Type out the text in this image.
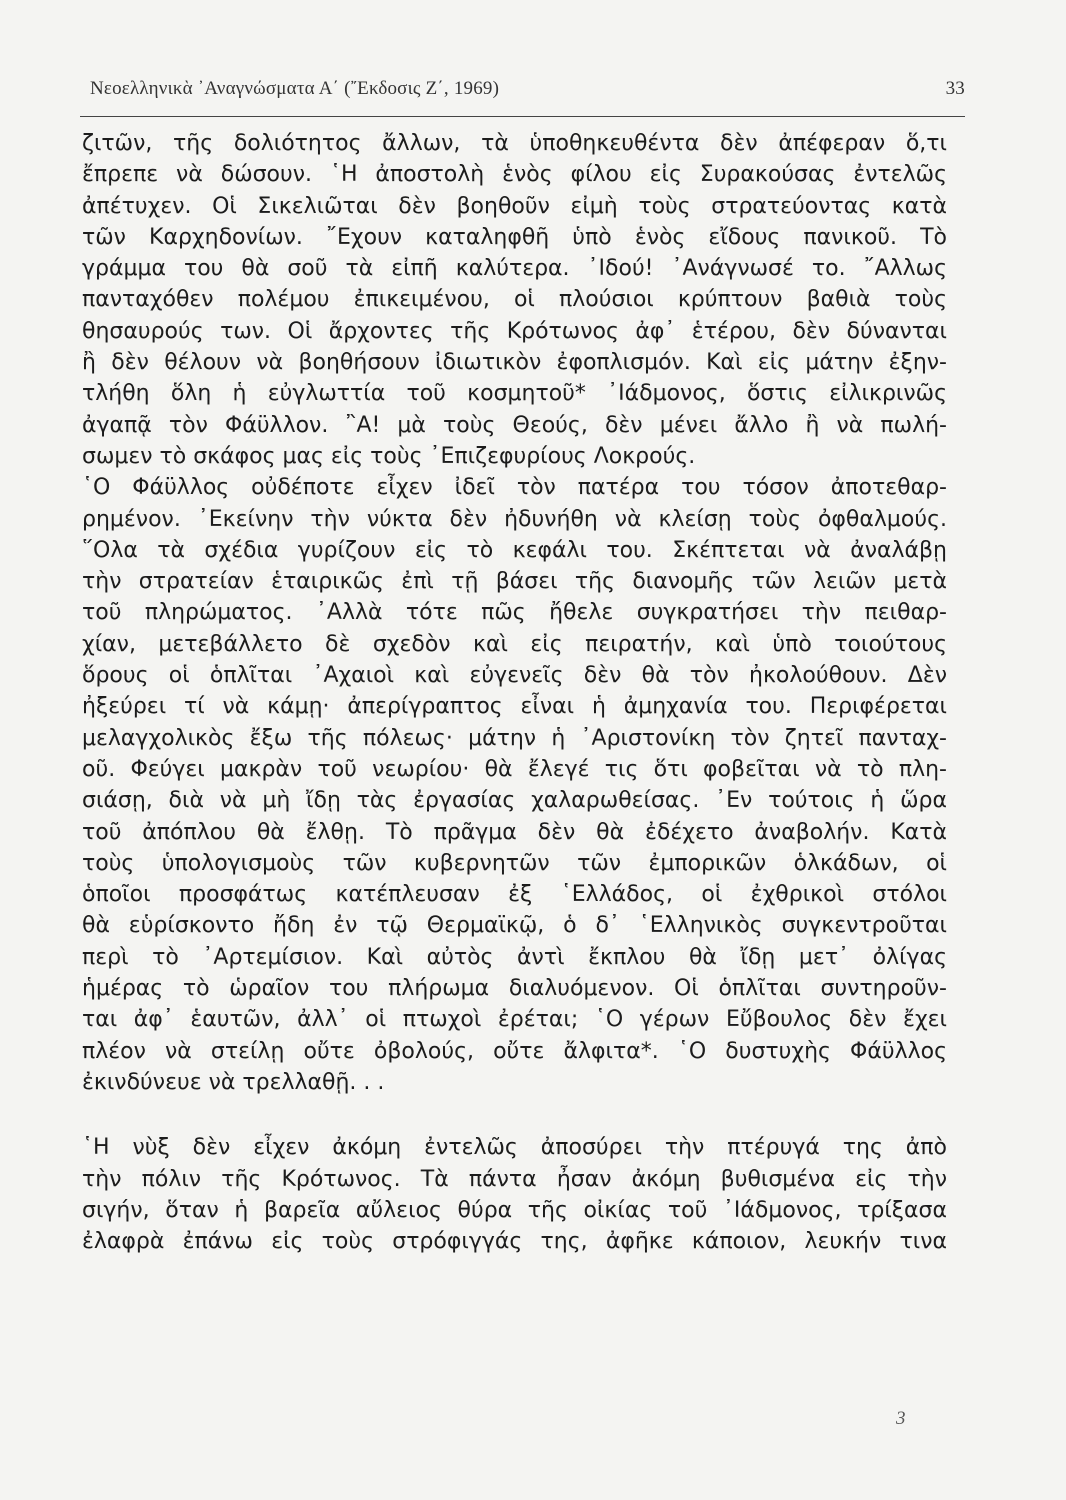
Νεοελληνικὰ ᾿Αναγνώσματα Α΄ (῎Εκδοσις Ζ΄, 1969)	33
ζιτῶν, τῆς δολιότητος ἄλλων, τὰ ὑποθηκευθέντα δὲν ἀπέφεραν ὅ,τι
ἔπρεπε νὰ δώσουν. ῾Η ἀποστολὴ ἑνὸς φίλου εἰς Συρακούσας ἐντελῶς
ἀπέτυχεν. Οἱ Σικελιῶται δὲν βοηθοῦν εἰμὴ τοὺς στρατεύοντας κατὰ
τῶν Καρχηδονίων. ῎Εχουν καταληφθῆ ὑπὸ ἑνὸς εἴδους πανικοῦ. Τὸ
γράμμα του θὰ σοῦ τὰ εἰπῆ καλύτερα. ᾿Ιδού! ᾿Ανάγνωσέ το. ῎Αλλως
πανταχόθεν πολέμου ἐπικειμένου, οἱ πλούσιοι κρύπτουν βαθιὰ τοὺς
θησαυρούς των. Οἱ ἄρχοντες τῆς Κρότωνος ἀφ᾿ ἑτέρου, δὲν δύνανται
ἢ δὲν θέλουν νὰ βοηθήσουν ἰδιωτικὸν ἐφοπλισμόν. Καὶ εἰς μάτην ἐξην-
τλήθη ὅλη ἡ εὐγλωττία τοῦ κοσμητοῦ* ᾿Ιάδμονος, ὅστις εἰλικρινῶς
ἀγαπᾷ τὸν Φάϋλλον. ῍Α! μὰ τοὺς Θεούς, δὲν μένει ἄλλο ἢ νὰ πωλή-
σωμεν τὸ σκάφος μας εἰς τοὺς ᾿Επιζεφυρίους Λοκρούς.
῾Ο Φάϋλλος οὐδέποτε εἶχεν ἰδεῖ τὸν πατέρα του τόσον ἀποτεθαρ-
ρημένον. ᾿Εκείνην τὴν νύκτα δὲν ἠδυνήθη νὰ κλείσῃ τοὺς ὀφθαλμούς.
῞Ολα τὰ σχέδια γυρίζουν εἰς τὸ κεφάλι του. Σκέπτεται νὰ ἀναλάβῃ
τὴν στρατείαν ἑταιρικῶς ἐπὶ τῇ βάσει τῆς διανομῆς τῶν λειῶν μετὰ
τοῦ πληρώματος. ᾿Αλλὰ τότε πῶς ἤθελε συγκρατήσει τὴν πειθαρ-
χίαν, μετεβάλλετο δὲ σχεδὸν καὶ εἰς πειρατήν, καὶ ὑπὸ τοιούτους
ὅρους οἱ ὁπλῖται ᾿Αχαιοὶ καὶ εὐγενεῖς δὲν θὰ τὸν ἠκολούθουν. Δὲν
ἠξεύρει τί νὰ κάμῃ· ἀπερίγραπτος εἶναι ἡ ἀμηχανία του. Περιφέρεται
μελαγχολικὸς ἔξω τῆς πόλεως· μάτην ἡ ᾿Αριστονίκη τὸν ζητεῖ πανταχ-
οῦ. Φεύγει μακρὰν τοῦ νεωρίου· θὰ ἔλεγέ τις ὅτι φοβεῖται νὰ τὸ πλη-
σιάσῃ, διὰ νὰ μὴ ἴδῃ τὰς ἐργασίας χαλαρωθείσας. ᾿Εν τούτοις ἡ ὥρα
τοῦ ἀπόπλου θὰ ἔλθῃ. Τὸ πρᾶγμα δὲν θὰ ἐδέχετο ἀναβολήν. Κατὰ
τοὺς ὑπολογισμοὺς τῶν κυβερνητῶν τῶν ἐμπορικῶν ὁλκάδων, οἱ
ὁποῖοι προσφάτως κατέπλευσαν ἐξ ῾Ελλάδος, οἱ ἐχθρικοὶ στόλοι
θὰ εὑρίσκοντο ἤδη ἐν τῷ Θερμαϊκῷ, ὁ δ᾿ ῾Ελληνικὸς συγκεντροῦται
περὶ τὸ ᾿Αρτεμίσιον. Καὶ αὐτὸς ἀντὶ ἔκπλου θὰ ἴδῃ μετ᾿ ὀλίγας
ἡμέρας τὸ ὡραῖον του πλήρωμα διαλυόμενον. Οἱ ὁπλῖται συντηροῦν-
ται ἀφ᾿ ἑαυτῶν, ἀλλ᾿ οἱ πτωχοὶ ἐρέται; ῾Ο γέρων Εὔβουλος δὲν ἔχει
πλέον νὰ στείλῃ οὔτε ὀβολούς, οὔτε ἄλφιτα*. ῾Ο δυστυχὴς Φάϋλλος
ἐκινδύνευε νὰ τρελλαθῇ. . .
῾Η νὺξ δὲν εἶχεν ἀκόμη ἐντελῶς ἀποσύρει τὴν πτέρυγά της ἀπὸ
τὴν πόλιν τῆς Κρότωνος. Τὰ πάντα ἦσαν ἀκόμη βυθισμένα εἰς τὴν
σιγήν, ὅταν ἡ βαρεῖα αὔλειος θύρα τῆς οἰκίας τοῦ ᾿Ιάδμονος, τρίξασα
ἐλαφρὰ ἐπάνω εἰς τοὺς στρόφιγγάς της, ἀφῆκε κάποιον, λευκήν τινα
3
